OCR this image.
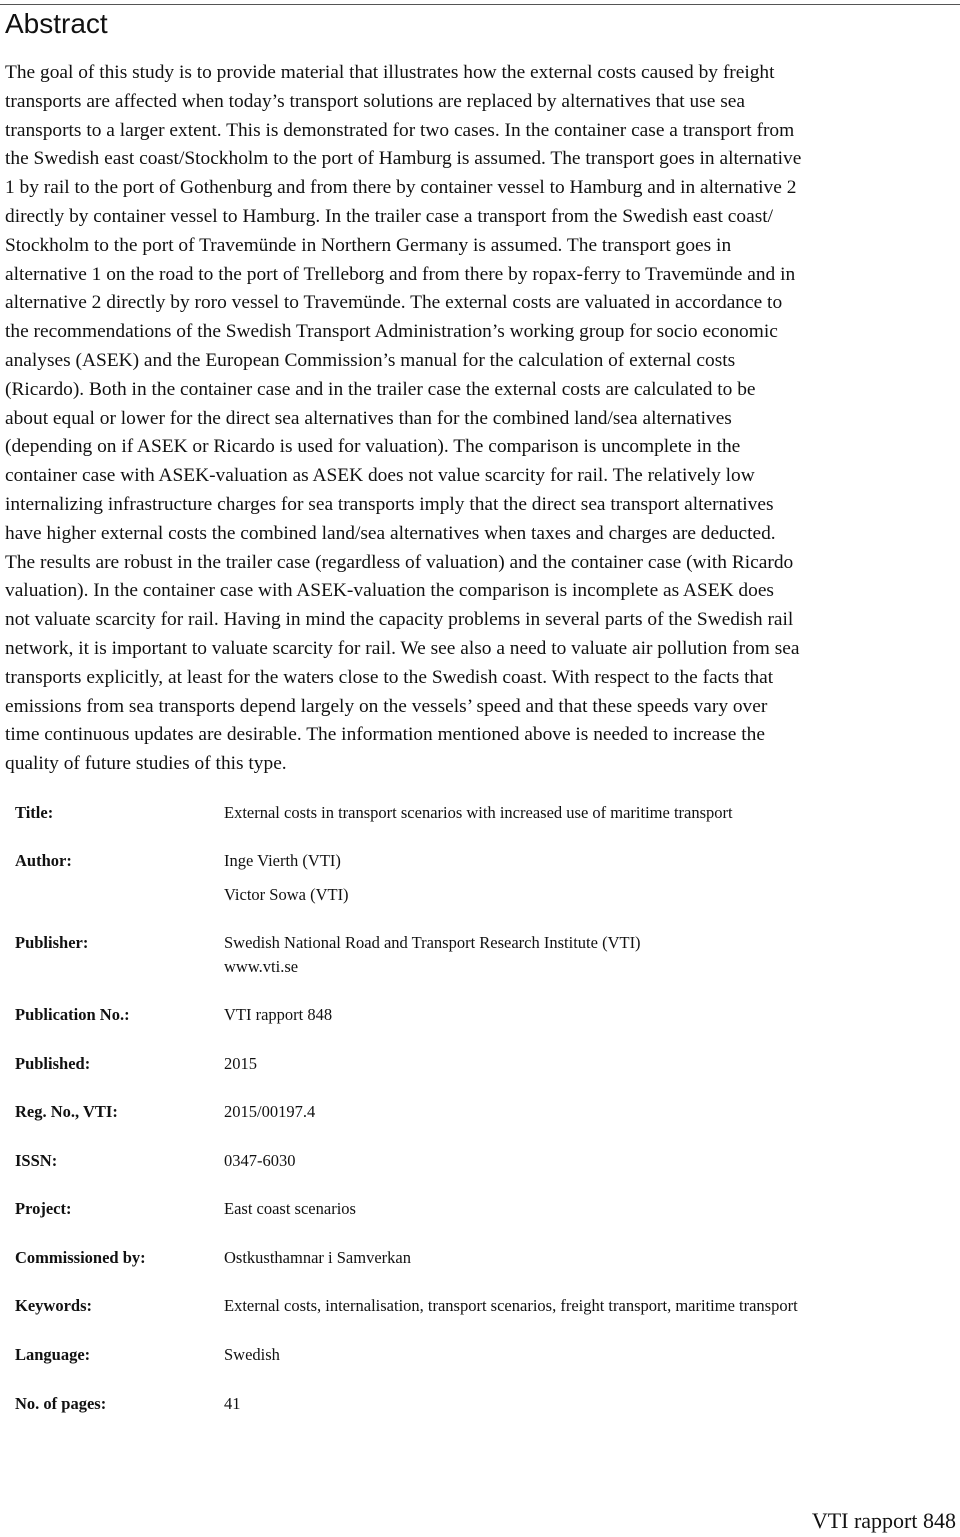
Abstract

The goal of this study is to provide material that illustrates how the external costs caused by freight
transports are affected when today’s transport solutions are replaced by alternatives that use sea
transports to a larger extent. This is demonstrated for two cases. In the container case a transport from
the Swedish east coast/Stockholm to the port of Hamburg is assumed. The transport goes in alternative
1 by rail to the port of Gothenburg and from there by container vessel to Hamburg and in alternative 2
directly by container vessel to Hamburg. In the trailer case a transport from the Swedish east coast/
Stockholm to the port of Travemünde in Northern Germany is assumed. The transport goes in
alternative 1 on the road to the port of Trelleborg and from there by ropax-ferry to Travemünde and in
alternative 2 directly by roro vessel to Travemünde. The external costs are valuated in accordance to
the recommendations of the Swedish Transport Administration’s working group for socio economic
analyses (ASEK) and the European Commission’s manual for the calculation of external costs
(Ricardo). Both in the container case and in the trailer case the external costs are calculated to be
about equal or lower for the direct sea alternatives than for the combined land/sea alternatives
(depending on if ASEK or Ricardo is used for valuation). The comparison is uncomplete in the
container case with ASEK-valuation as ASEK does not value scarcity for rail. The relatively low
internalizing infrastructure charges for sea transports imply that the direct sea transport alternatives
have higher external costs the combined land/sea alternatives when taxes and charges are deducted.
The results are robust in the trailer case (regardless of valuation) and the container case (with Ricardo
valuation). In the container case with ASEK-valuation the comparison is incomplete as ASEK does
not valuate scarcity for rail. Having in mind the capacity problems in several parts of the Swedish rail
network, it is important to valuate scarcity for rail. We see also a need to valuate air pollution from sea
transports explicitly, at least for the waters close to the Swedish coast. With respect to the facts that
emissions from sea transports depend largely on the vessels’ speed and that these speeds vary over
time continuous updates are desirable. The information mentioned above is needed to increase the
quality of future studies of this type.

Title:	External costs in transport scenarios with increased use of maritime transport
Author:	Inge Vierth (VTI)
Victor Sowa (VTI)
Publisher:	Swedish National Road and Transport Research Institute (VTI)
www.vti.se
Publication No.:	VTI rapport 848
Published:	2015
Reg. No., VTI:	2015/00197.4
ISSN:	0347-6030
Project:	East coast scenarios
Commissioned by:	Ostkusthamnar i Samverkan
Keywords:	External costs, internalisation, transport scenarios, freight transport, maritime transport
Language:	Swedish
No. of pages:	41
VTI rapport 848
